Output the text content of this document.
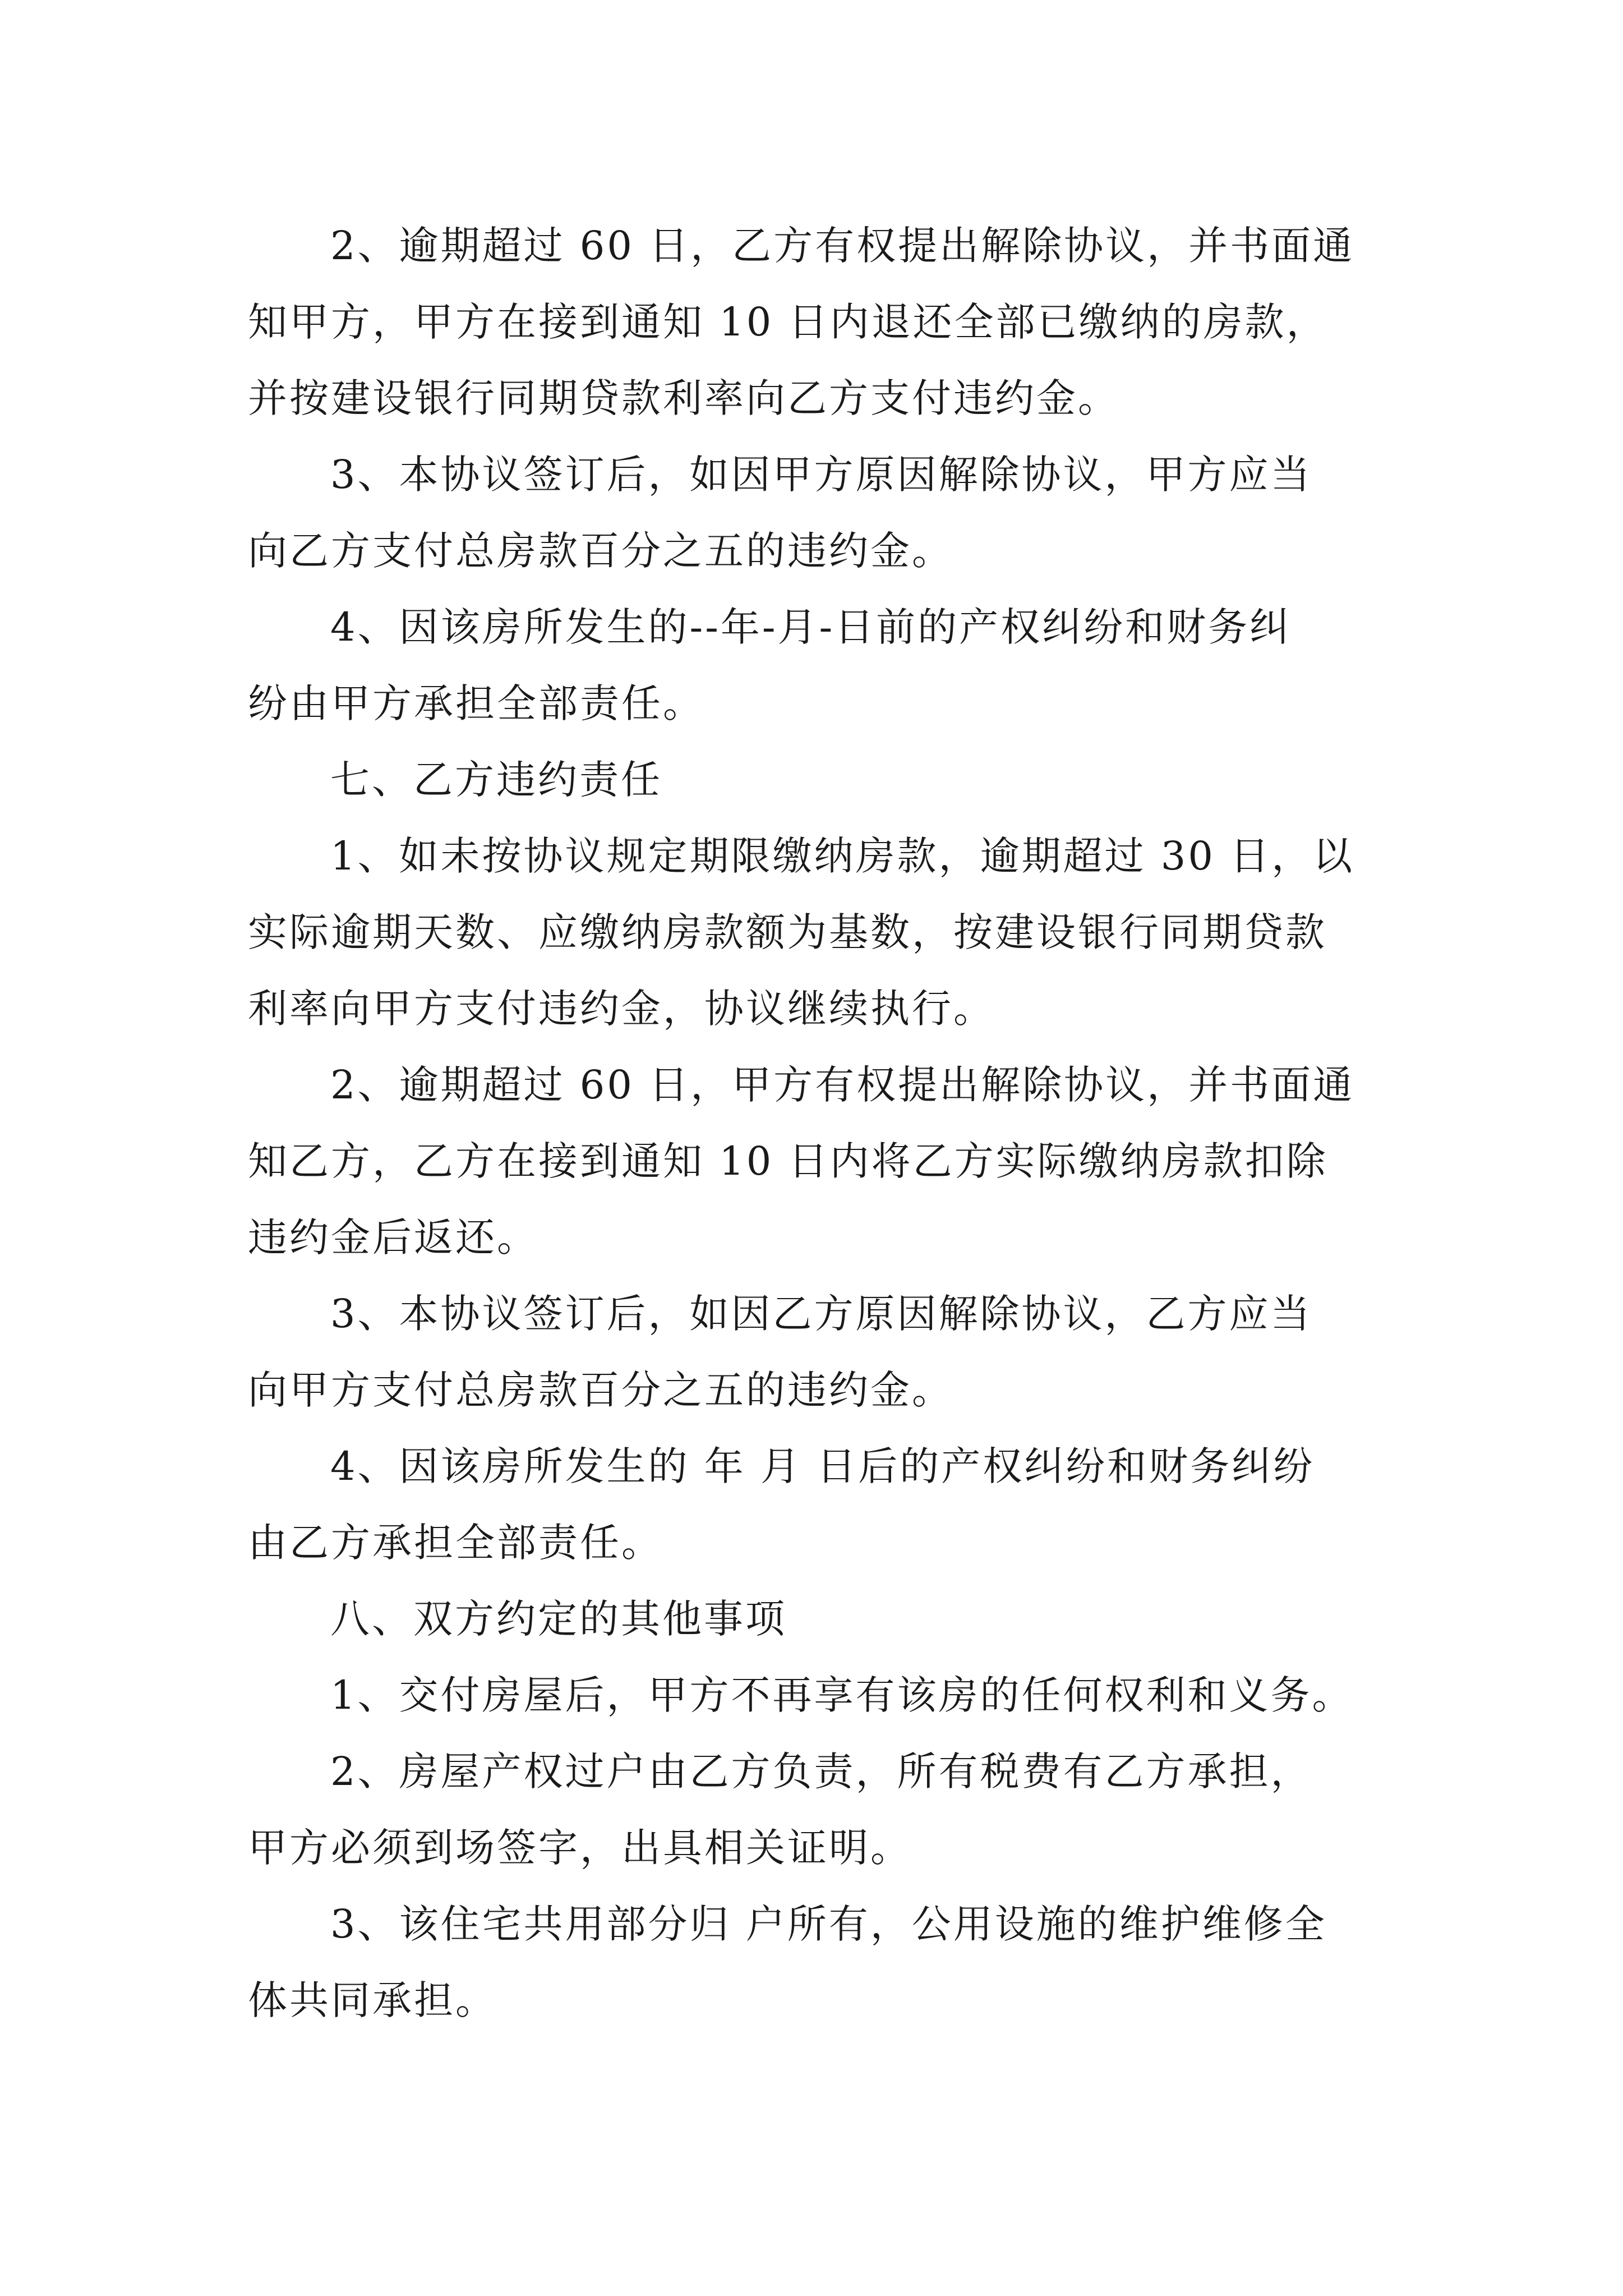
2、逾期超过 60 日，乙方有权提出解除协议，并书面通
知甲方，甲方在接到通知 10 日内退还全部已缴纳的房款，
并按建设银行同期贷款利率向乙方支付违约金。
3、本协议签订后，如因甲方原因解除协议，甲方应当
向乙方支付总房款百分之五的违约金。
4、因该房所发生的--年-月-日前的产权纠纷和财务纠
纷由甲方承担全部责任。
七、乙方违约责任
1、如未按协议规定期限缴纳房款，逾期超过 30 日，以
实际逾期天数、应缴纳房款额为基数，按建设银行同期贷款
利率向甲方支付违约金，协议继续执行。
2、逾期超过 60 日，甲方有权提出解除协议，并书面通
知乙方，乙方在接到通知 10 日内将乙方实际缴纳房款扣除
违约金后返还。
3、本协议签订后，如因乙方原因解除协议，乙方应当
向甲方支付总房款百分之五的违约金。
4、因该房所发生的 年 月 日后的产权纠纷和财务纠纷
由乙方承担全部责任。
八、双方约定的其他事项
1、交付房屋后，甲方不再享有该房的任何权利和义务。
2、房屋产权过户由乙方负责，所有税费有乙方承担，
甲方必须到场签字，出具相关证明。
3、该住宅共用部分归 户所有，公用设施的维护维修全
体共同承担。
